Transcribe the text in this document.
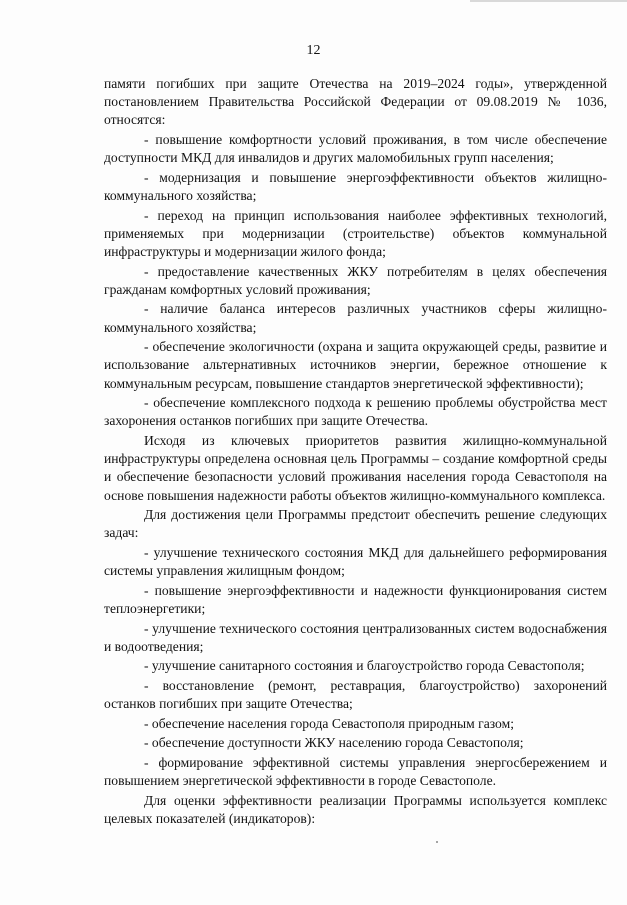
12

памяти погибших при защите Отечества на 2019–2024 годы», утвержденной постановлением Правительства Российской Федерации от 09.08.2019 № 1036, относятся:

- повышение комфортности условий проживания, в том числе обеспечение доступности МКД для инвалидов и других маломобильных групп населения;

- модернизация и повышение энергоэффективности объектов жилищно-коммунального хозяйства;

- переход на принцип использования наиболее эффективных технологий, применяемых при модернизации (строительстве) объектов коммунальной инфраструктуры и модернизации жилого фонда;

- предоставление качественных ЖКУ потребителям в целях обеспечения гражданам комфортных условий проживания;

- наличие баланса интересов различных участников сферы жилищно-коммунального хозяйства;

- обеспечение экологичности (охрана и защита окружающей среды, развитие и использование альтернативных источников энергии, бережное отношение к коммунальным ресурсам, повышение стандартов энергетической эффективности);

- обеспечение комплексного подхода к решению проблемы обустройства мест захоронения останков погибших при защите Отечества.

Исходя из ключевых приоритетов развития жилищно-коммунальной инфраструктуры определена основная цель Программы – создание комфортной среды и обеспечение безопасности условий проживания населения города Севастополя на основе повышения надежности работы объектов жилищно-коммунального комплекса.

Для достижения цели Программы предстоит обеспечить решение следующих задач:

- улучшение технического состояния МКД для дальнейшего реформирования системы управления жилищным фондом;

- повышение энергоэффективности и надежности функционирования систем теплоэнергетики;

- улучшение технического состояния централизованных систем водоснабжения и водоотведения;

- улучшение санитарного состояния и благоустройство города Севастополя;

- восстановление (ремонт, реставрация, благоустройство) захоронений останков погибших при защите Отечества;

- обеспечение населения города Севастополя природным газом;

- обеспечение доступности ЖКУ населению города Севастополя;

- формирование эффективной системы управления энергосбережением и повышением энергетической эффективности в городе Севастополе.

Для оценки эффективности реализации Программы используется комплекс целевых показателей (индикаторов):
